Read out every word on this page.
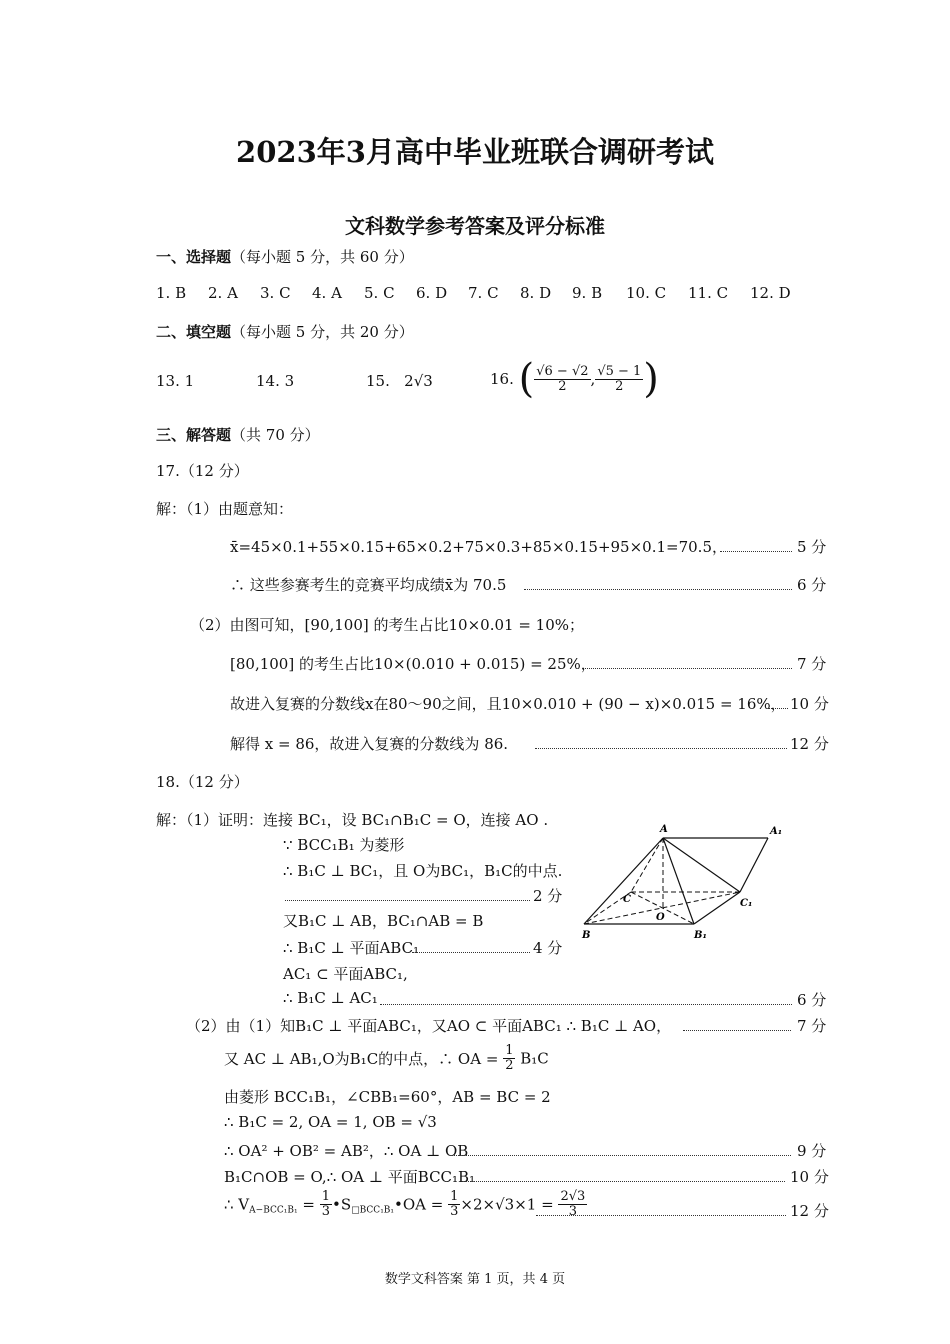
2023年3月高中毕业班联合调研考试
文科数学参考答案及评分标准
一、选择题（每小题 5 分，共 60 分）
1. B 2. A 3. C 4. A 5. C 6. D 7. C 8. D 9. B 10. C 11. C 12. D
二、填空题（每小题 5 分，共 20 分）
13. 1	14. 3	15. 2√3	16. ( $\frac{√6 - √2}{2}$ , $\frac{√5 - 1}{2}$ )
三、解答题（共 70 分）
17.（12 分）
解：（1）由题意知：
x̄=45×0.1+55×0.15+65×0.2+75×0.3+85×0.15+95×0.1=70.5，	5 分
∴ 这些参赛考生的竞赛平均成绩x̄为 70.5	6 分
（2）由图可知，[90,100] 的考生占比10×0.01 = 10%；
[80,100] 的考生占比10×(0.010 + 0.015) = 25%，	7 分
故进入复赛的分数线x在80～90之间，且10×0.010 + (90 − x)×0.015 = 16%， 10 分
解得 x = 86，故进入复赛的分数线为 86.	12 分
18.（12 分）
解：（1）证明：连接 BC₁，设 BC₁∩B₁C = O，连接 AO .
∵ BCC₁B₁ 为菱形
∴ B₁C ⊥ BC₁，且 O为BC₁，B₁C的中点.
2 分
又B₁C ⊥ AB，BC₁∩AB = B
∴ B₁C ⊥ 平面ABC₁	4 分
AC₁ ⊂ 平面ABC₁,
∴ B₁C ⊥ AC₁	6 分
A	A₁
C	C₁
O
B	B₁
（2）由（1）知B₁C ⊥ 平面ABC₁，又AO ⊂ 平面ABC₁ ∴ B₁C ⊥ AO，	7 分
又 AC ⊥ AB₁,O为B₁C的中点，∴ OA = $\frac{1}{2} B_1C$
由菱形 BCC₁B₁，∠CBB₁=60°，AB = BC = 2
∴ B₁C = 2, OA = 1, OB = √3
∴ OA² + OB² = AB²，∴ OA ⊥ OB	9 分
B₁C∩OB = O,∴ OA ⊥ 平面BCC₁B₁	10 分
∴ $V_{A-BCC_1B_1} = \frac{1}{3}$ $•S_{□BCC_1B_1}•OA = \frac{1}{3} \times 2\times√3\times 1 = \frac{2√3}{3}$	12 分
数学文科答案 第 1 页，共 4 页
